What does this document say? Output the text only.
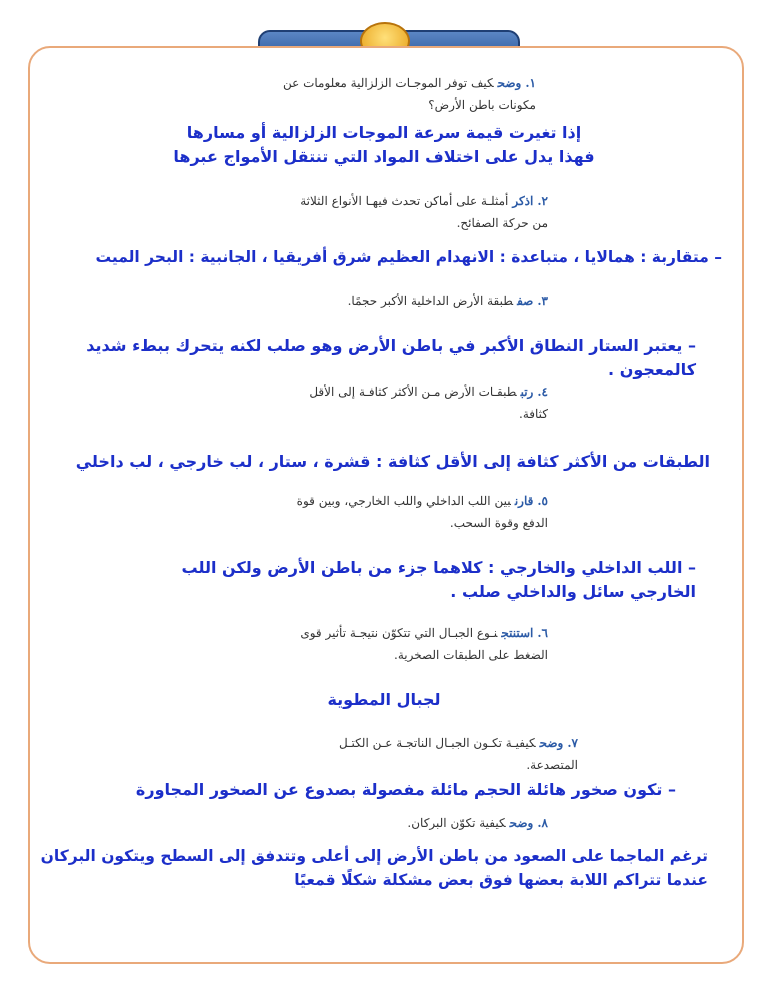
١.وضحكيف توفر الموجـات الزلزالية معلومات عن
مكونات باطن الأرض؟
إذا تغيرت قيمة سرعة الموجات الزلزالية أو مسارها
فهذا يدل على اختلاف المواد التي تنتقل الأمواج عبرها
٢.اذكرأمثلـة على أماكن تحدث فيهـا الأنواع الثلاثة
من حركة الصفائح.
– متقاربة : همالايا ، متباعدة : الانهدام العظيم شرق أفريقيا ، الجانبية : البحر الميت
٣.صفطبقة الأرض الداخلية الأكبر حجمًا.
– يعتبر الستار النطاق الأكبر في باطن الأرض وهو صلب لكنه يتحرك ببطء شديد
كالمعجون .
٤.رتبطبقـات الأرض مـن الأكثر كثافـة إلى الأقل
كثافة.
الطبقات من الأكثر كثافة إلى الأقل كثافة : قشرة ، ستار ، لب خارجي ، لب داخلي
٥.قارنبين اللب الداخلي واللب الخارجي، وبين قوة
الدفع وقوة السحب.
– اللب الداخلي والخارجي : كلاهما جزء من باطن الأرض ولكن اللب
الخارجي سائل والداخلي صلب .
٦.استنتجنـوع الجبـال التي تتكوّن نتيجـة تأثير قوى
الضغط على الطبقات الصخرية.
لجبال المطوية
٧.وضحكيفيـة تكـون الجبـال الناتجـة عـن الكتـل
المتصدعة.
– تكون صخور هائلة الحجم مائلة مفصولة بصدوع عن الصخور المجاورة
٨.وضحكيفية تكوّن البركان.
ترغم الماجما على الصعود من باطن الأرض إلى أعلى وتتدفق إلى السطح ويتكون البركان
عندما تتراكم اللابة بعضها فوق بعض مشكلة شكلًا قمعيًا
